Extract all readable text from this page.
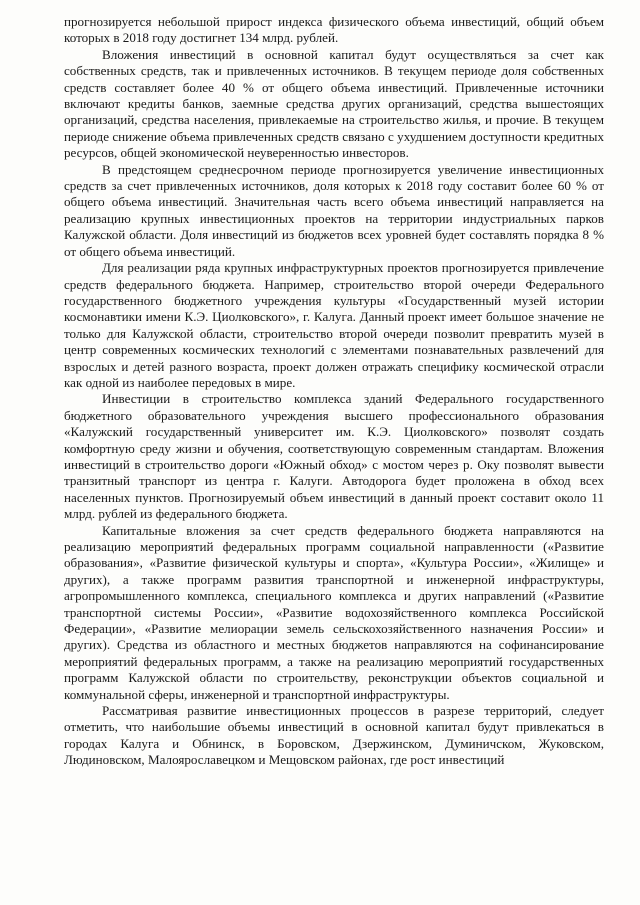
прогнозируется небольшой прирост индекса физического объема инвестиций, общий объем которых в 2018 году достигнет 134 млрд. рублей.

Вложения инвестиций в основной капитал будут осуществляться за счет как собственных средств, так и привлеченных источников. В текущем периоде доля собственных средств составляет более 40 % от общего объема инвестиций. Привлеченные источники включают кредиты банков, заемные средства других организаций, средства вышестоящих организаций, средства населения, привлекаемые на строительство жилья, и прочие. В текущем периоде снижение объема привлеченных средств связано с ухудшением доступности кредитных ресурсов, общей экономической неуверенностью инвесторов.

В предстоящем среднесрочном периоде прогнозируется увеличение инвестиционных средств за счет привлеченных источников, доля которых к 2018 году составит более 60 % от общего объема инвестиций. Значительная часть всего объема инвестиций направляется на реализацию крупных инвестиционных проектов на территории индустриальных парков Калужской области. Доля инвестиций из бюджетов всех уровней будет составлять порядка 8 % от общего объема инвестиций.

Для реализации ряда крупных инфраструктурных проектов прогнозируется привлечение средств федерального бюджета. Например, строительство второй очереди Федерального государственного бюджетного учреждения культуры «Государственный музей истории космонавтики имени К.Э. Циолковского», г. Калуга. Данный проект имеет большое значение не только для Калужской области, строительство второй очереди позволит превратить музей в центр современных космических технологий с элементами познавательных развлечений для взрослых и детей разного возраста, проект должен отражать специфику космической отрасли как одной из наиболее передовых в мире.

Инвестиции в строительство комплекса зданий Федерального государственного бюджетного образовательного учреждения высшего профессионального образования «Калужский государственный университет им. К.Э. Циолковского» позволят создать комфортную среду жизни и обучения, соответствующую современным стандартам. Вложения инвестиций в строительство дороги «Южный обход» с мостом через р. Оку позволят вывести транзитный транспорт из центра г. Калуги. Автодорога будет проложена в обход всех населенных пунктов. Прогнозируемый объем инвестиций в данный проект составит около 11 млрд. рублей из федерального бюджета.

Капитальные вложения за счет средств федерального бюджета направляются на реализацию мероприятий федеральных программ социальной направленности («Развитие образования», «Развитие физической культуры и спорта», «Культура России», «Жилище» и других), а также программ развития транспортной и инженерной инфраструктуры, агропромышленного комплекса, специального комплекса и других направлений («Развитие транспортной системы России», «Развитие водохозяйственного комплекса Российской Федерации», «Развитие мелиорации земель сельскохозяйственного назначения России» и других). Средства из областного и местных бюджетов направляются на софинансирование мероприятий федеральных программ, а также на реализацию мероприятий государственных программ Калужской области по строительству, реконструкции объектов социальной и коммунальной сферы, инженерной и транспортной инфраструктуры.

Рассматривая развитие инвестиционных процессов в разрезе территорий, следует отметить, что наибольшие объемы инвестиций в основной капитал будут привлекаться в городах Калуга и Обнинск, в Боровском, Дзержинском, Думиничском, Жуковском, Людиновском, Малоярославецком и Мещовском районах, где рост инвестиций
